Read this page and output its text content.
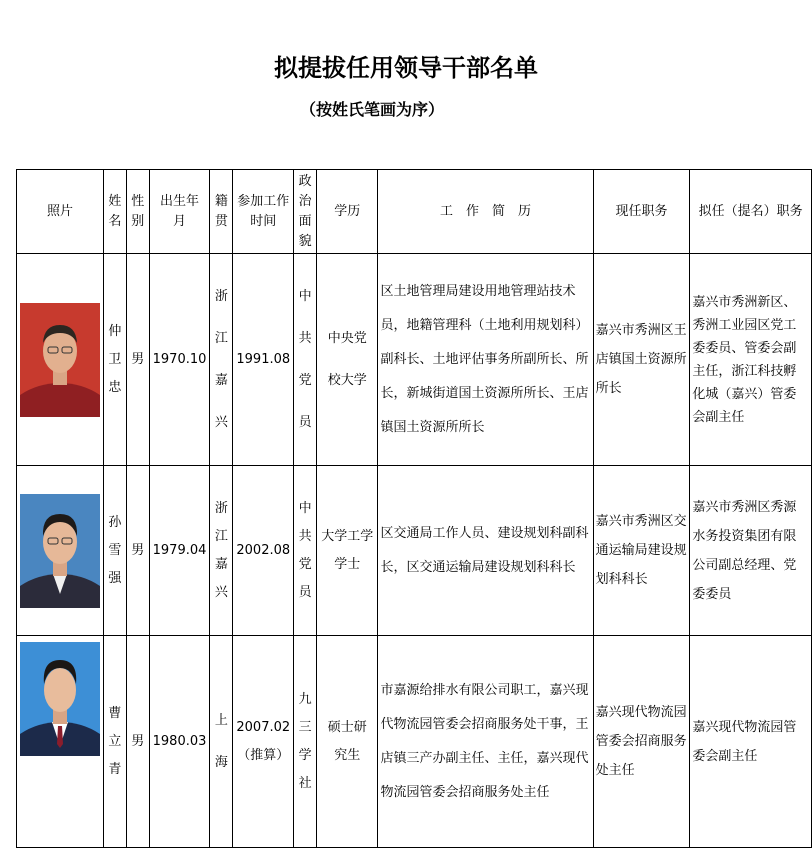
拟提拔任用领导干部名单
（按姓氏笔画为序）
照片	姓名	性别	出生年月	籍贯	参加工作时间	政治面貌	学历	工　作　简　历	现任职务	拟任（提名）职务

	仲卫忠	男	1970.10	浙江嘉兴	1991.08	中共党员	中央党校大学	区土地管理局建设用地管理站技术员，地籍管理科（土地利用规划科）副科长、土地评估事务所副所长、所长，新城街道国土资源所所长、王店镇国土资源所所长	嘉兴市秀洲区王店镇国土资源所所长	嘉兴市秀洲新区、秀洲工业园区党工委委员、管委会副主任，浙江科技孵化城（嘉兴）管委会副主任

	孙雪强	男	1979.04	浙江嘉兴	2002.08	中共党员	大学工学学士	区交通局工作人员、建设规划科副科长，区交通运输局建设规划科科长	嘉兴市秀洲区交通运输局建设规划科科长	嘉兴市秀洲区秀源水务投资集团有限公司副总经理、党委委员

	曹立青	男	1980.03	上海	2007.02（推算）	九三学社	硕士研究生	市嘉源给排水有限公司职工，嘉兴现代物流园管委会招商服务处干事，王店镇三产办副主任、主任，嘉兴现代物流园管委会招商服务处主任	嘉兴现代物流园管委会招商服务处主任	嘉兴现代物流园管委会副主任
